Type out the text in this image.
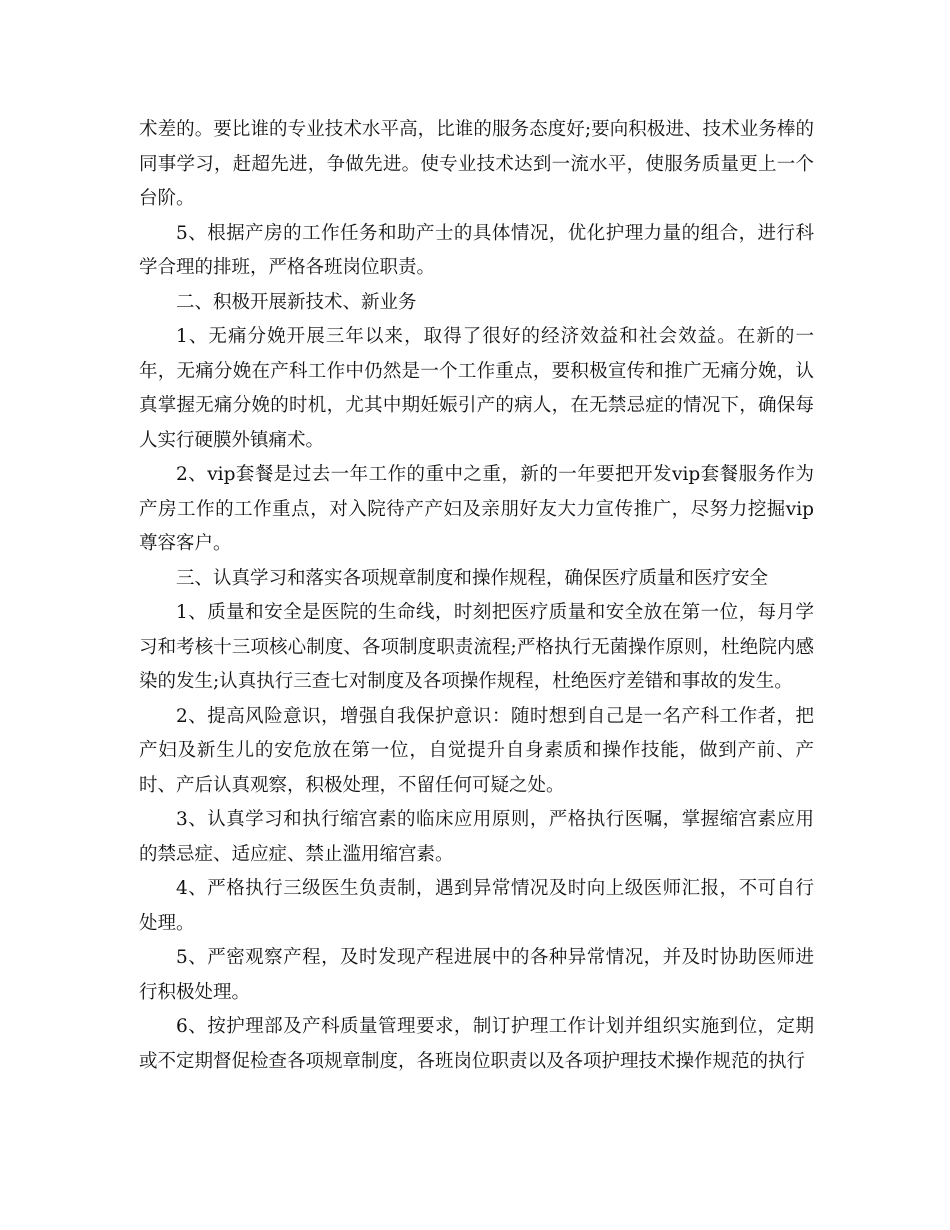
术差的。要比谁的专业技术水平高，比谁的服务态度好;要向积极进、技术业务棒的同事学习，赶超先进，争做先进。使专业技术达到一流水平，使服务质量更上一个台阶。

5、根据产房的工作任务和助产士的具体情况，优化护理力量的组合，进行科学合理的排班，严格各班岗位职责。

二、积极开展新技术、新业务

1、无痛分娩开展三年以来，取得了很好的经济效益和社会效益。在新的一年，无痛分娩在产科工作中仍然是一个工作重点，要积极宣传和推广无痛分娩，认真掌握无痛分娩的时机，尤其中期妊娠引产的病人，在无禁忌症的情况下，确保每人实行硬膜外镇痛术。

2、vip套餐是过去一年工作的重中之重，新的一年要把开发vip套餐服务作为产房工作的工作重点，对入院待产产妇及亲朋好友大力宣传推广，尽努力挖掘vip尊容客户。

三、认真学习和落实各项规章制度和操作规程，确保医疗质量和医疗安全

1、质量和安全是医院的生命线，时刻把医疗质量和安全放在第一位，每月学习和考核十三项核心制度、各项制度职责流程;严格执行无菌操作原则，杜绝院内感染的发生;认真执行三查七对制度及各项操作规程，杜绝医疗差错和事故的发生。

2、提高风险意识，增强自我保护意识：随时想到自己是一名产科工作者，把产妇及新生儿的安危放在第一位，自觉提升自身素质和操作技能，做到产前、产时、产后认真观察，积极处理，不留任何可疑之处。

3、认真学习和执行缩宫素的临床应用原则，严格执行医嘱，掌握缩宫素应用的禁忌症、适应症、禁止滥用缩宫素。

4、严格执行三级医生负责制，遇到异常情况及时向上级医师汇报，不可自行处理。

5、严密观察产程，及时发现产程进展中的各种异常情况，并及时协助医师进行积极处理。

6、按护理部及产科质量管理要求，制订护理工作计划并组织实施到位，定期或不定期督促检查各项规章制度，各班岗位职责以及各项护理技术操作规范的执行
